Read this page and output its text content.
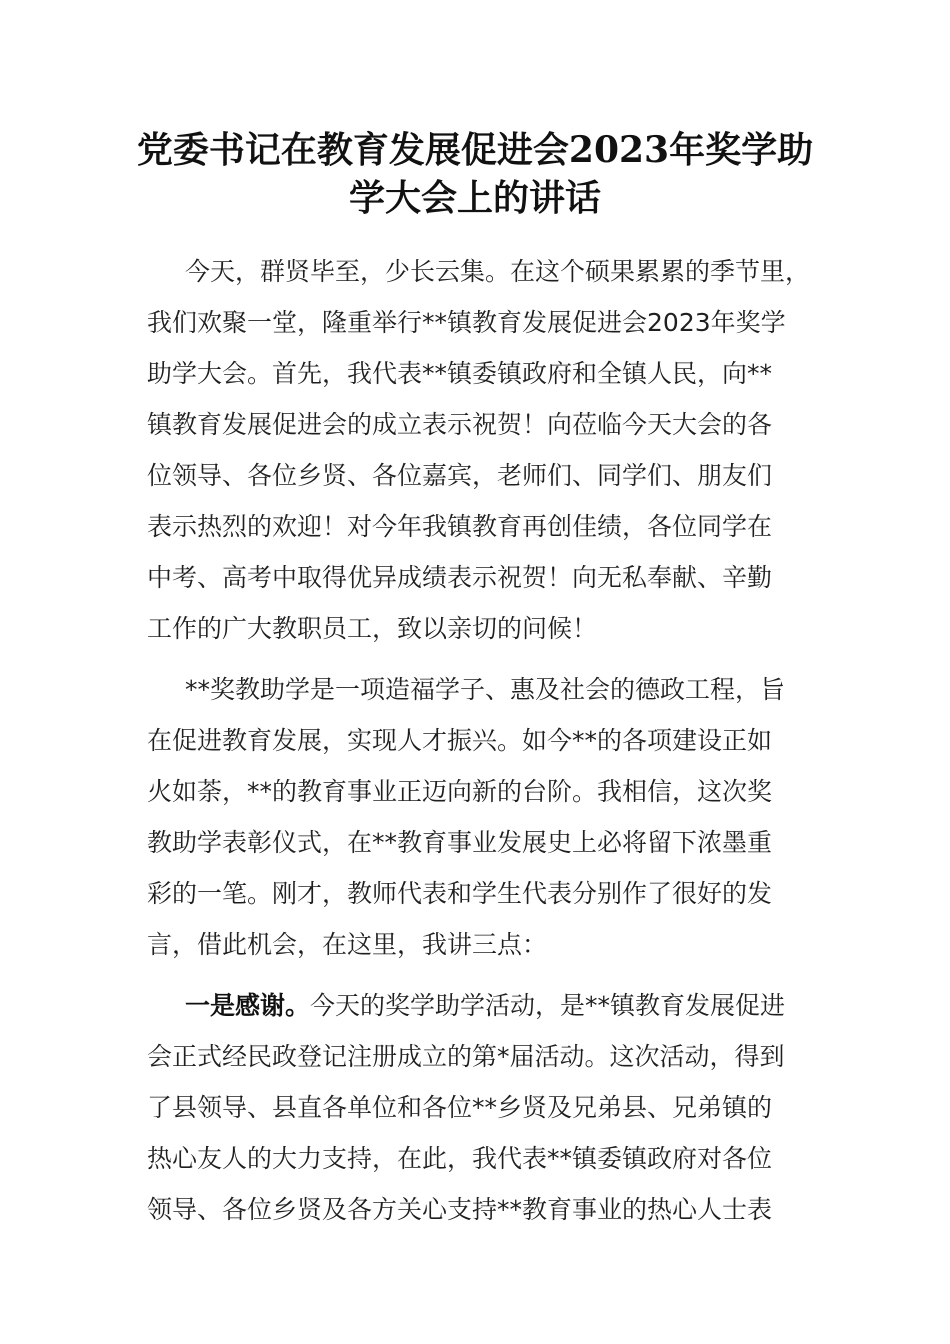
党委书记在教育发展促进会2023年奖学助
学大会上的讲话
今天，群贤毕至，少长云集。在这个硕果累累的季节里，
我们欢聚一堂，隆重举行**镇教育发展促进会2023年奖学
助学大会。首先，我代表**镇委镇政府和全镇人民，向**
镇教育发展促进会的成立表示祝贺！向莅临今天大会的各
位领导、各位乡贤、各位嘉宾，老师们、同学们、朋友们
表示热烈的欢迎！对今年我镇教育再创佳绩，各位同学在
中考、高考中取得优异成绩表示祝贺！向无私奉献、辛勤
工作的广大教职员工，致以亲切的问候！
**奖教助学是一项造福学子、惠及社会的德政工程，旨
在促进教育发展，实现人才振兴。如今**的各项建设正如
火如荼，**的教育事业正迈向新的台阶。我相信，这次奖
教助学表彰仪式，在**教育事业发展史上必将留下浓墨重
彩的一笔。刚才，教师代表和学生代表分别作了很好的发
言，借此机会，在这里，我讲三点：
一是感谢。今天的奖学助学活动，是**镇教育发展促进
会正式经民政登记注册成立的第*届活动。这次活动，得到
了县领导、县直各单位和各位**乡贤及兄弟县、兄弟镇的
热心友人的大力支持，在此，我代表**镇委镇政府对各位
领导、各位乡贤及各方关心支持**教育事业的热心人士表
